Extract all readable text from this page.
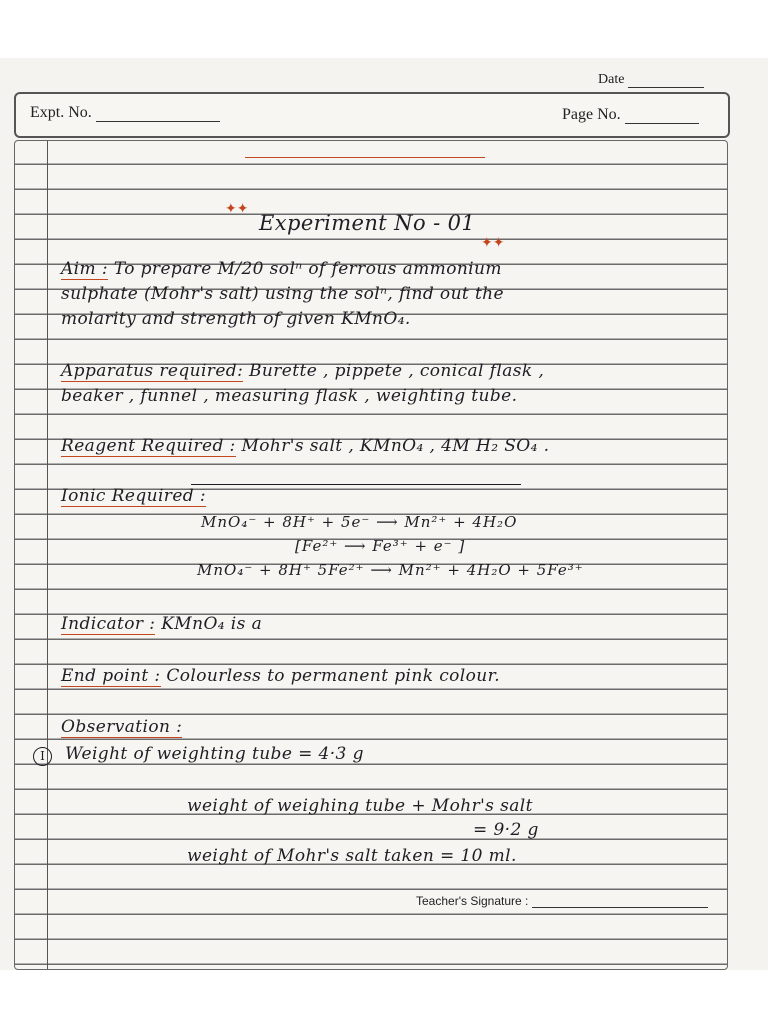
Date
Expt. No.	Page No.
✦✦
Experiment No - 01
✦✦
Aim : To prepare M/20 solⁿ of ferrous ammonium
sulphate (Mohr's salt) using the solⁿ, find out the
molarity and strength of given KMnO₄.
Apparatus required: Burette , pippete , conical flask ,
beaker , funnel , measuring flask , weighting tube.
Reagent Required : Mohr's salt , KMnO₄ , 4M H₂ SO₄ .
Ionic Required :
MnO₄⁻ + 8H⁺ + 5e⁻ ⟶ Mn²⁺ + 4H₂O
[Fe²⁺ ⟶ Fe³⁺ + e⁻ ]
MnO₄⁻ + 8H⁺ 5Fe²⁺ ⟶ Mn²⁺ + 4H₂O + 5Fe³⁺
Indicator : KMnO₄ is a
End point : Colourless to permanent pink colour.
Observation :
I	Weight of weighting tube = 4·3 g
weight of weighing tube + Mohr's salt
= 9·2 g
weight of Mohr's salt taken = 10 ml.
Teacher's Signature :
